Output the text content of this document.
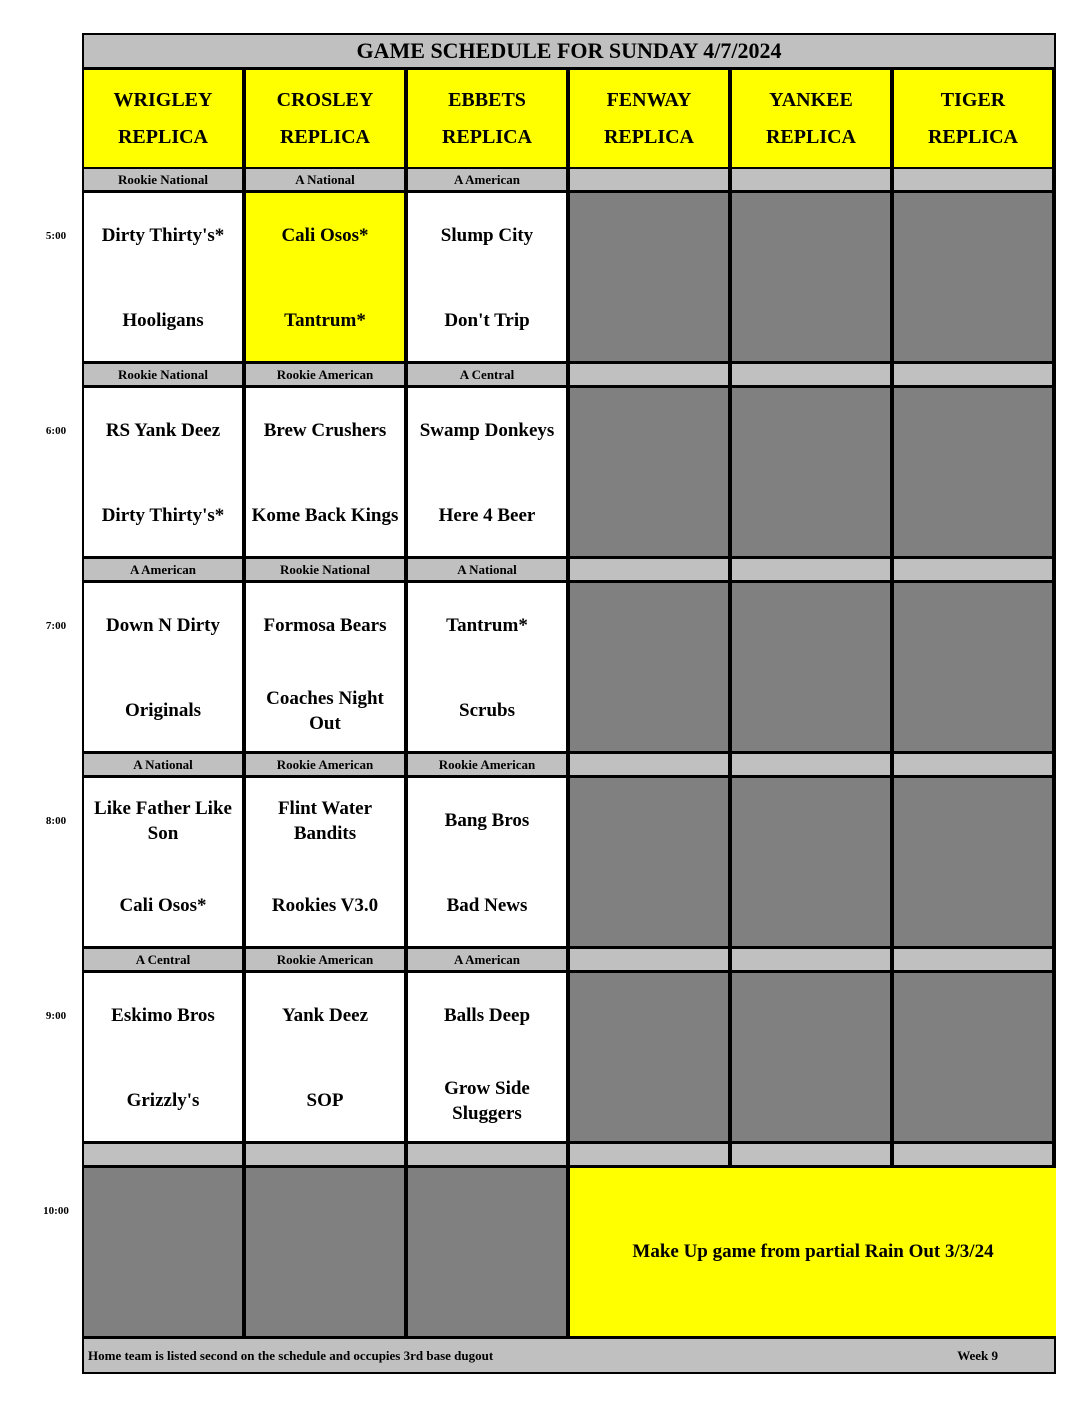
5:00
6:00
7:00
8:00
9:00
10:00
GAME SCHEDULE FOR SUNDAY 4/7/2024
WRIGLEY
REPLICA
CROSLEY
REPLICA
EBBETS
REPLICA
FENWAY
REPLICA
YANKEE
REPLICA
TIGER
REPLICA
Rookie National
Dirty Thirty's*
Hooligans
A National
Cali Osos*
Tantrum*
A American
Slump City
Don't Trip
Rookie National
RS Yank Deez
Dirty Thirty's*
Rookie American
Brew Crushers
Kome Back Kings
A Central
Swamp Donkeys
Here 4 Beer
A American
Down N Dirty
Originals
Rookie National
Formosa Bears
Coaches Night Out
A National
Tantrum*
Scrubs
A National
Like Father Like Son
Cali Osos*
Rookie American
Flint Water Bandits
Rookies V3.0
Rookie American
Bang Bros
Bad News
A Central
Eskimo Bros
Grizzly's
Rookie American
Yank Deez
SOP
A American
Balls Deep
Grow Side Sluggers
Make Up game from partial Rain Out 3/3/24
Home team is listed second on the schedule and occupies 3rd base dugout	Week 9
